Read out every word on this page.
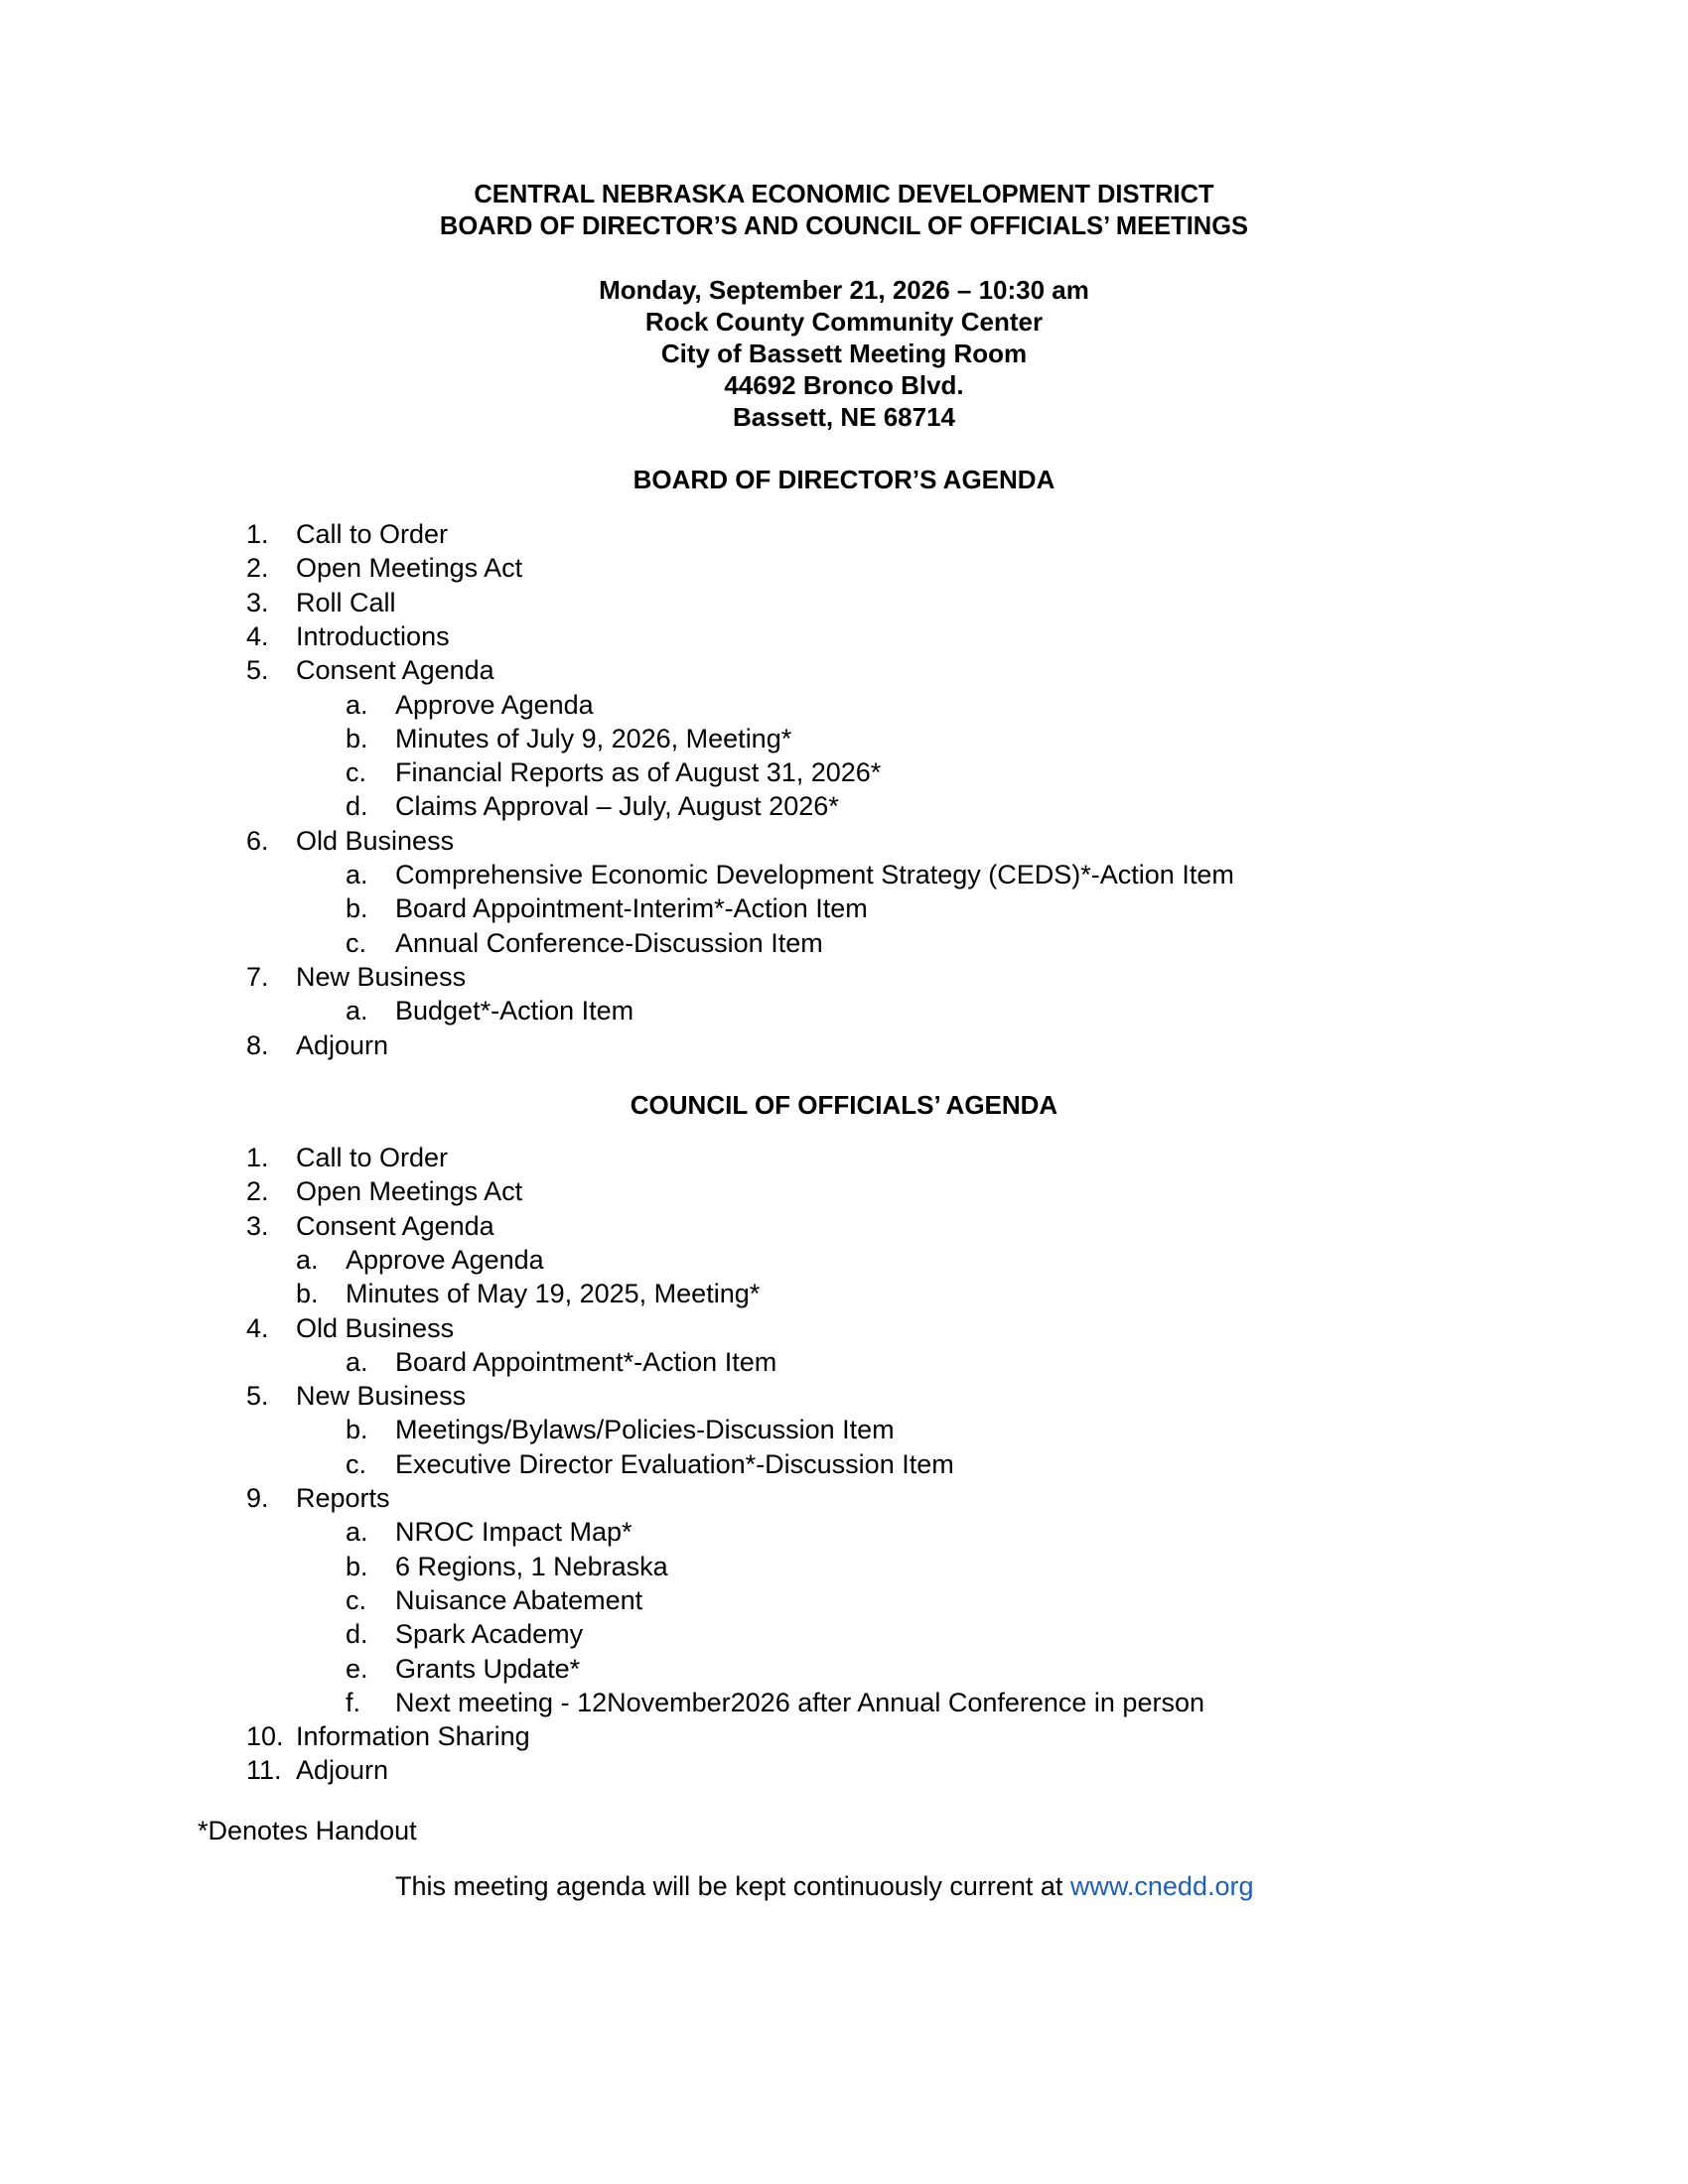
CENTRAL NEBRASKA ECONOMIC DEVELOPMENT DISTRICT
BOARD OF DIRECTOR’S AND COUNCIL OF OFFICIALS’ MEETINGS
Monday, September 21, 2026 – 10:30 am
Rock County Community Center
City of Bassett Meeting Room
44692 Bronco Blvd.
Bassett, NE 68714
BOARD OF DIRECTOR’S AGENDA
1. Call to Order
2. Open Meetings Act
3. Roll Call
4. Introductions
5. Consent Agenda
a. Approve Agenda
b. Minutes of July 9, 2026, Meeting*
c. Financial Reports as of August 31, 2026*
d. Claims Approval – July, August 2026*
6. Old Business
a. Comprehensive Economic Development Strategy (CEDS)*-Action Item
b. Board Appointment-Interim*-Action Item
c. Annual Conference-Discussion Item
7. New Business
a. Budget*-Action Item
8. Adjourn
COUNCIL OF OFFICIALS’ AGENDA
1. Call to Order
2. Open Meetings Act
3. Consent Agenda
a. Approve Agenda
b. Minutes of May 19, 2025, Meeting*
4. Old Business
a. Board Appointment*-Action Item
5. New Business
b. Meetings/Bylaws/Policies-Discussion Item
c. Executive Director Evaluation*-Discussion Item
9. Reports
a. NROC Impact Map*
b. 6 Regions, 1 Nebraska
c. Nuisance Abatement
d. Spark Academy
e. Grants Update*
f. Next meeting - 12November2026 after Annual Conference in person
10. Information Sharing
11. Adjourn
*Denotes Handout
This meeting agenda will be kept continuously current at www.cnedd.org
